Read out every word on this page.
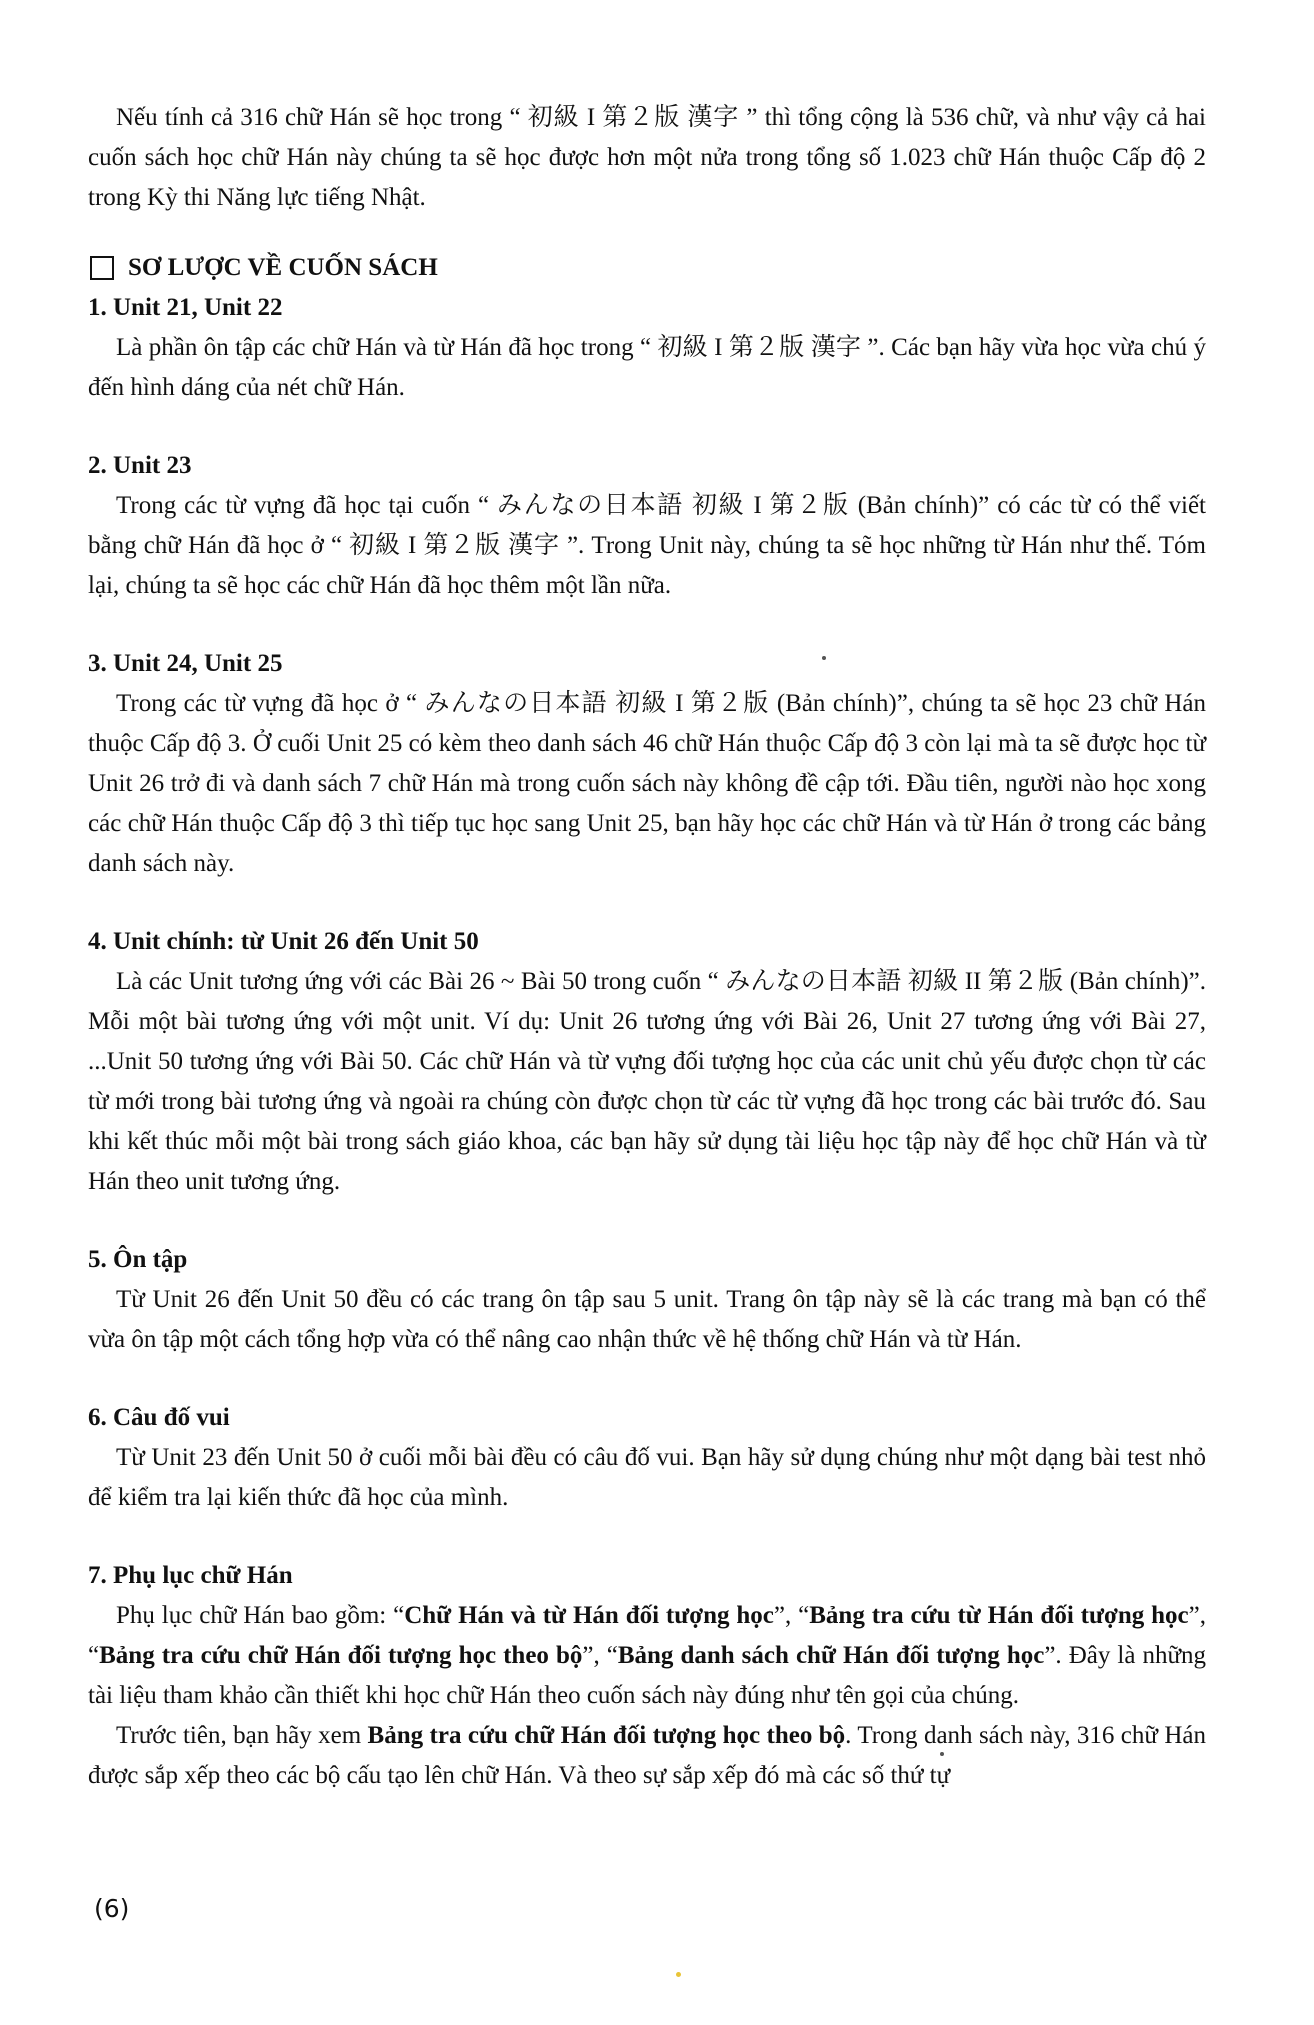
Nếu tính cả 316 chữ Hán sẽ học trong “ 初級 I 第２版 漢字 ” thì tổng cộng là 536 chữ, và như vậy cả hai cuốn sách học chữ Hán này chúng ta sẽ học được hơn một nửa trong tổng số 1.023 chữ Hán thuộc Cấp độ 2 trong Kỳ thi Năng lực tiếng Nhật.

SƠ LƯỢC VỀ CUỐN SÁCH

1. Unit 21, Unit 22

Là phần ôn tập các chữ Hán và từ Hán đã học trong “ 初級 I 第２版 漢字 ”. Các bạn hãy vừa học vừa chú ý đến hình dáng của nét chữ Hán.

2. Unit 23

Trong các từ vựng đã học tại cuốn “ みんなの日本語 初級 I 第２版 (Bản chính)” có các từ có thể viết bằng chữ Hán đã học ở “ 初級 I 第２版 漢字 ”. Trong Unit này, chúng ta sẽ học những từ Hán như thế. Tóm lại, chúng ta sẽ học các chữ Hán đã học thêm một lần nữa.

3. Unit 24, Unit 25

Trong các từ vựng đã học ở “ みんなの日本語 初級 I 第２版 (Bản chính)”, chúng ta sẽ học 23 chữ Hán thuộc Cấp độ 3. Ở cuối Unit 25 có kèm theo danh sách 46 chữ Hán thuộc Cấp độ 3 còn lại mà ta sẽ được học từ Unit 26 trở đi và danh sách 7 chữ Hán mà trong cuốn sách này không đề cập tới. Đầu tiên, người nào học xong các chữ Hán thuộc Cấp độ 3 thì tiếp tục học sang Unit 25, bạn hãy học các chữ Hán và từ Hán ở trong các bảng danh sách này.

4. Unit chính: từ Unit 26 đến Unit 50

Là các Unit tương ứng với các Bài 26 ~ Bài 50 trong cuốn “ みんなの日本語 初級 II 第２版 (Bản chính)”. Mỗi một bài tương ứng với một unit. Ví dụ: Unit 26 tương ứng với Bài 26, Unit 27 tương ứng với Bài 27, ...Unit 50 tương ứng với Bài 50. Các chữ Hán và từ vựng đối tượng học của các unit chủ yếu được chọn từ các từ mới trong bài tương ứng và ngoài ra chúng còn được chọn từ các từ vựng đã học trong các bài trước đó. Sau khi kết thúc mỗi một bài trong sách giáo khoa, các bạn hãy sử dụng tài liệu học tập này để học chữ Hán và từ Hán theo unit tương ứng.

5. Ôn tập

Từ Unit 26 đến Unit 50 đều có các trang ôn tập sau 5 unit. Trang ôn tập này sẽ là các trang mà bạn có thể vừa ôn tập một cách tổng hợp vừa có thể nâng cao nhận thức về hệ thống chữ Hán và từ Hán.

6. Câu đố vui

Từ Unit 23 đến Unit 50 ở cuối mỗi bài đều có câu đố vui. Bạn hãy sử dụng chúng như một dạng bài test nhỏ để kiểm tra lại kiến thức đã học của mình.

7. Phụ lục chữ Hán

Phụ lục chữ Hán bao gồm: “Chữ Hán và từ Hán đối tượng học”, “Bảng tra cứu từ Hán đối tượng học”, “Bảng tra cứu chữ Hán đối tượng học theo bộ”, “Bảng danh sách chữ Hán đối tượng học”. Đây là những tài liệu tham khảo cần thiết khi học chữ Hán theo cuốn sách này đúng như tên gọi của chúng.

Trước tiên, bạn hãy xem Bảng tra cứu chữ Hán đối tượng học theo bộ. Trong danh sách này, 316 chữ Hán được sắp xếp theo các bộ cấu tạo lên chữ Hán. Và theo sự sắp xếp đó mà các số thứ tự

(6)
